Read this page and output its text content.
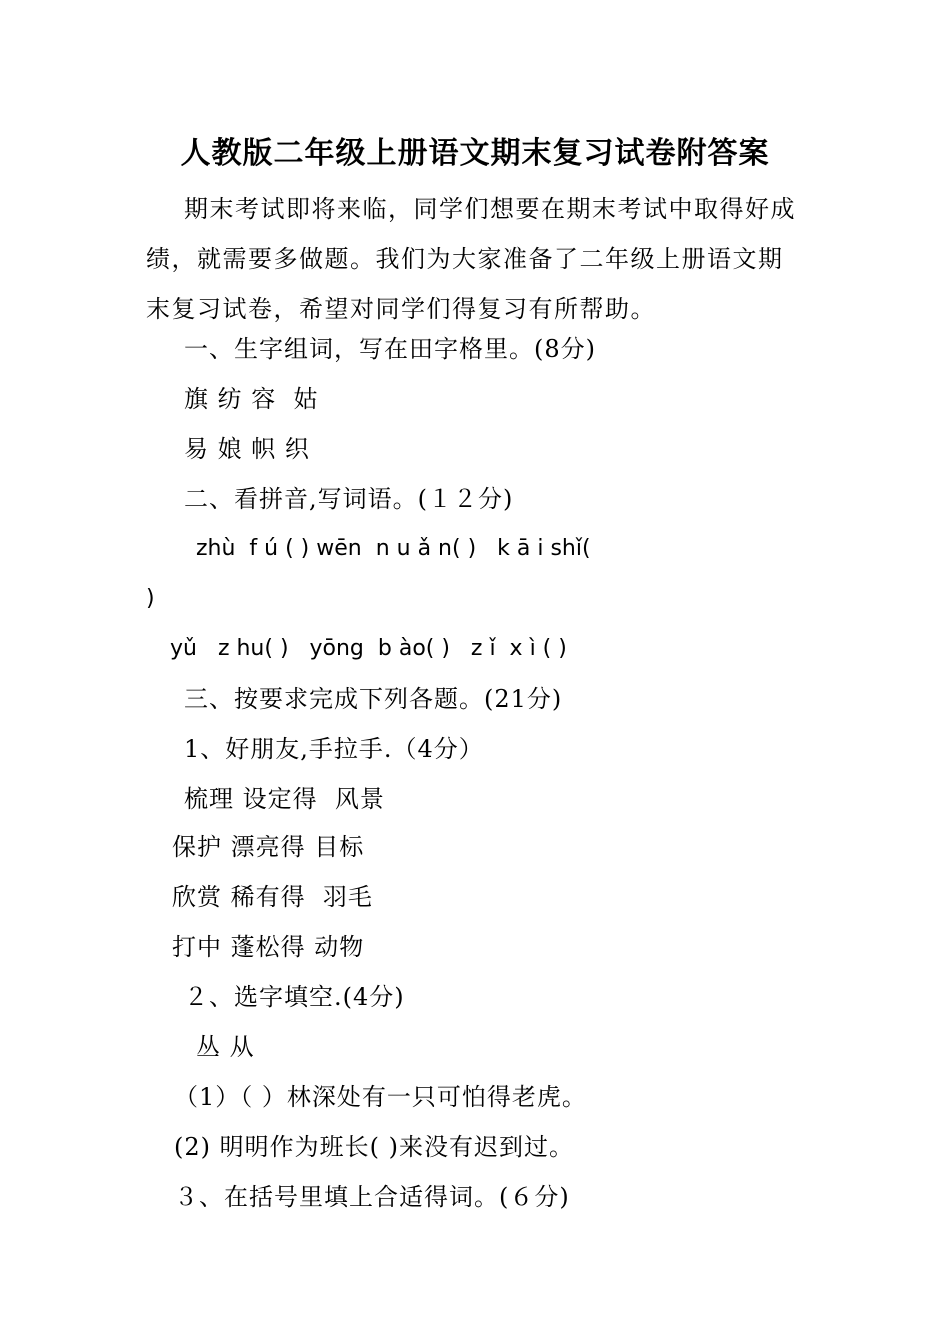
人教版二年级上册语文期末复习试卷附答案
期末考试即将来临，同学们想要在期末考试中取得好成绩，就需要多做题。我们为大家准备了二年级上册语文期末复习试卷，希望对同学们得复习有所帮助。
一、生字组词，写在田字格里。(8分)
旗 纺 容  姑
易 娘 帜 织
二、看拼音,写词语。(１２分)
zhù  f ú ( ) wēn  n u ǎ n( )   k ā i shǐ(
)
yǔ   z hu( )   yōng  b ào( )   z ǐ  x ì ( )
三、按要求完成下列各题。(21分)
1、好朋友,手拉手.（4分）
梳理 设定得  风景
保护 漂亮得 目标
欣赏 稀有得  羽毛
打中 蓬松得 动物
２、选字填空.(4分)
丛 从
（1）（ ）林深处有一只可怕得老虎。
(2) 明明作为班长( )来没有迟到过。
３、在括号里填上合适得词。(６分)
